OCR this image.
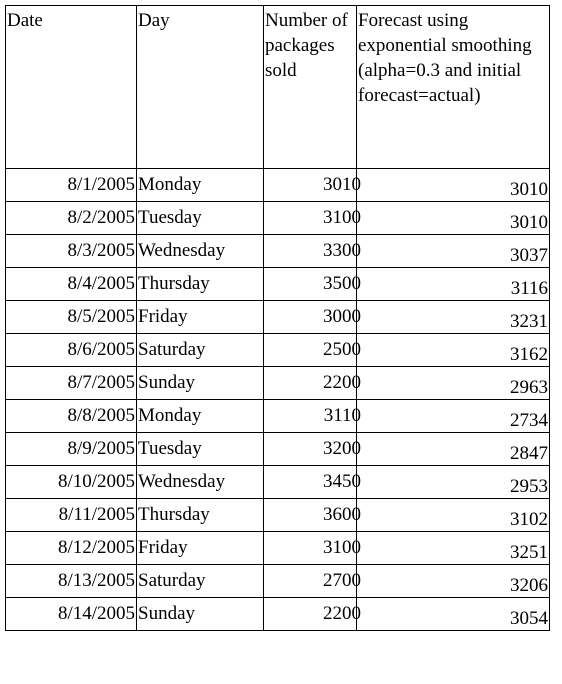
Date	Day	Number of packages sold	Forecast using exponential smoothing (alpha=0.3 and initial forecast=actual)
8/1/2005	Monday	3010	3010
8/2/2005	Tuesday	3100	3010
8/3/2005	Wednesday	3300	3037
8/4/2005	Thursday	3500	3116
8/5/2005	Friday	3000	3231
8/6/2005	Saturday	2500	3162
8/7/2005	Sunday	2200	2963
8/8/2005	Monday	3110	2734
8/9/2005	Tuesday	3200	2847
8/10/2005	Wednesday	3450	2953
8/11/2005	Thursday	3600	3102
8/12/2005	Friday	3100	3251
8/13/2005	Saturday	2700	3206
8/14/2005	Sunday	2200	3054
